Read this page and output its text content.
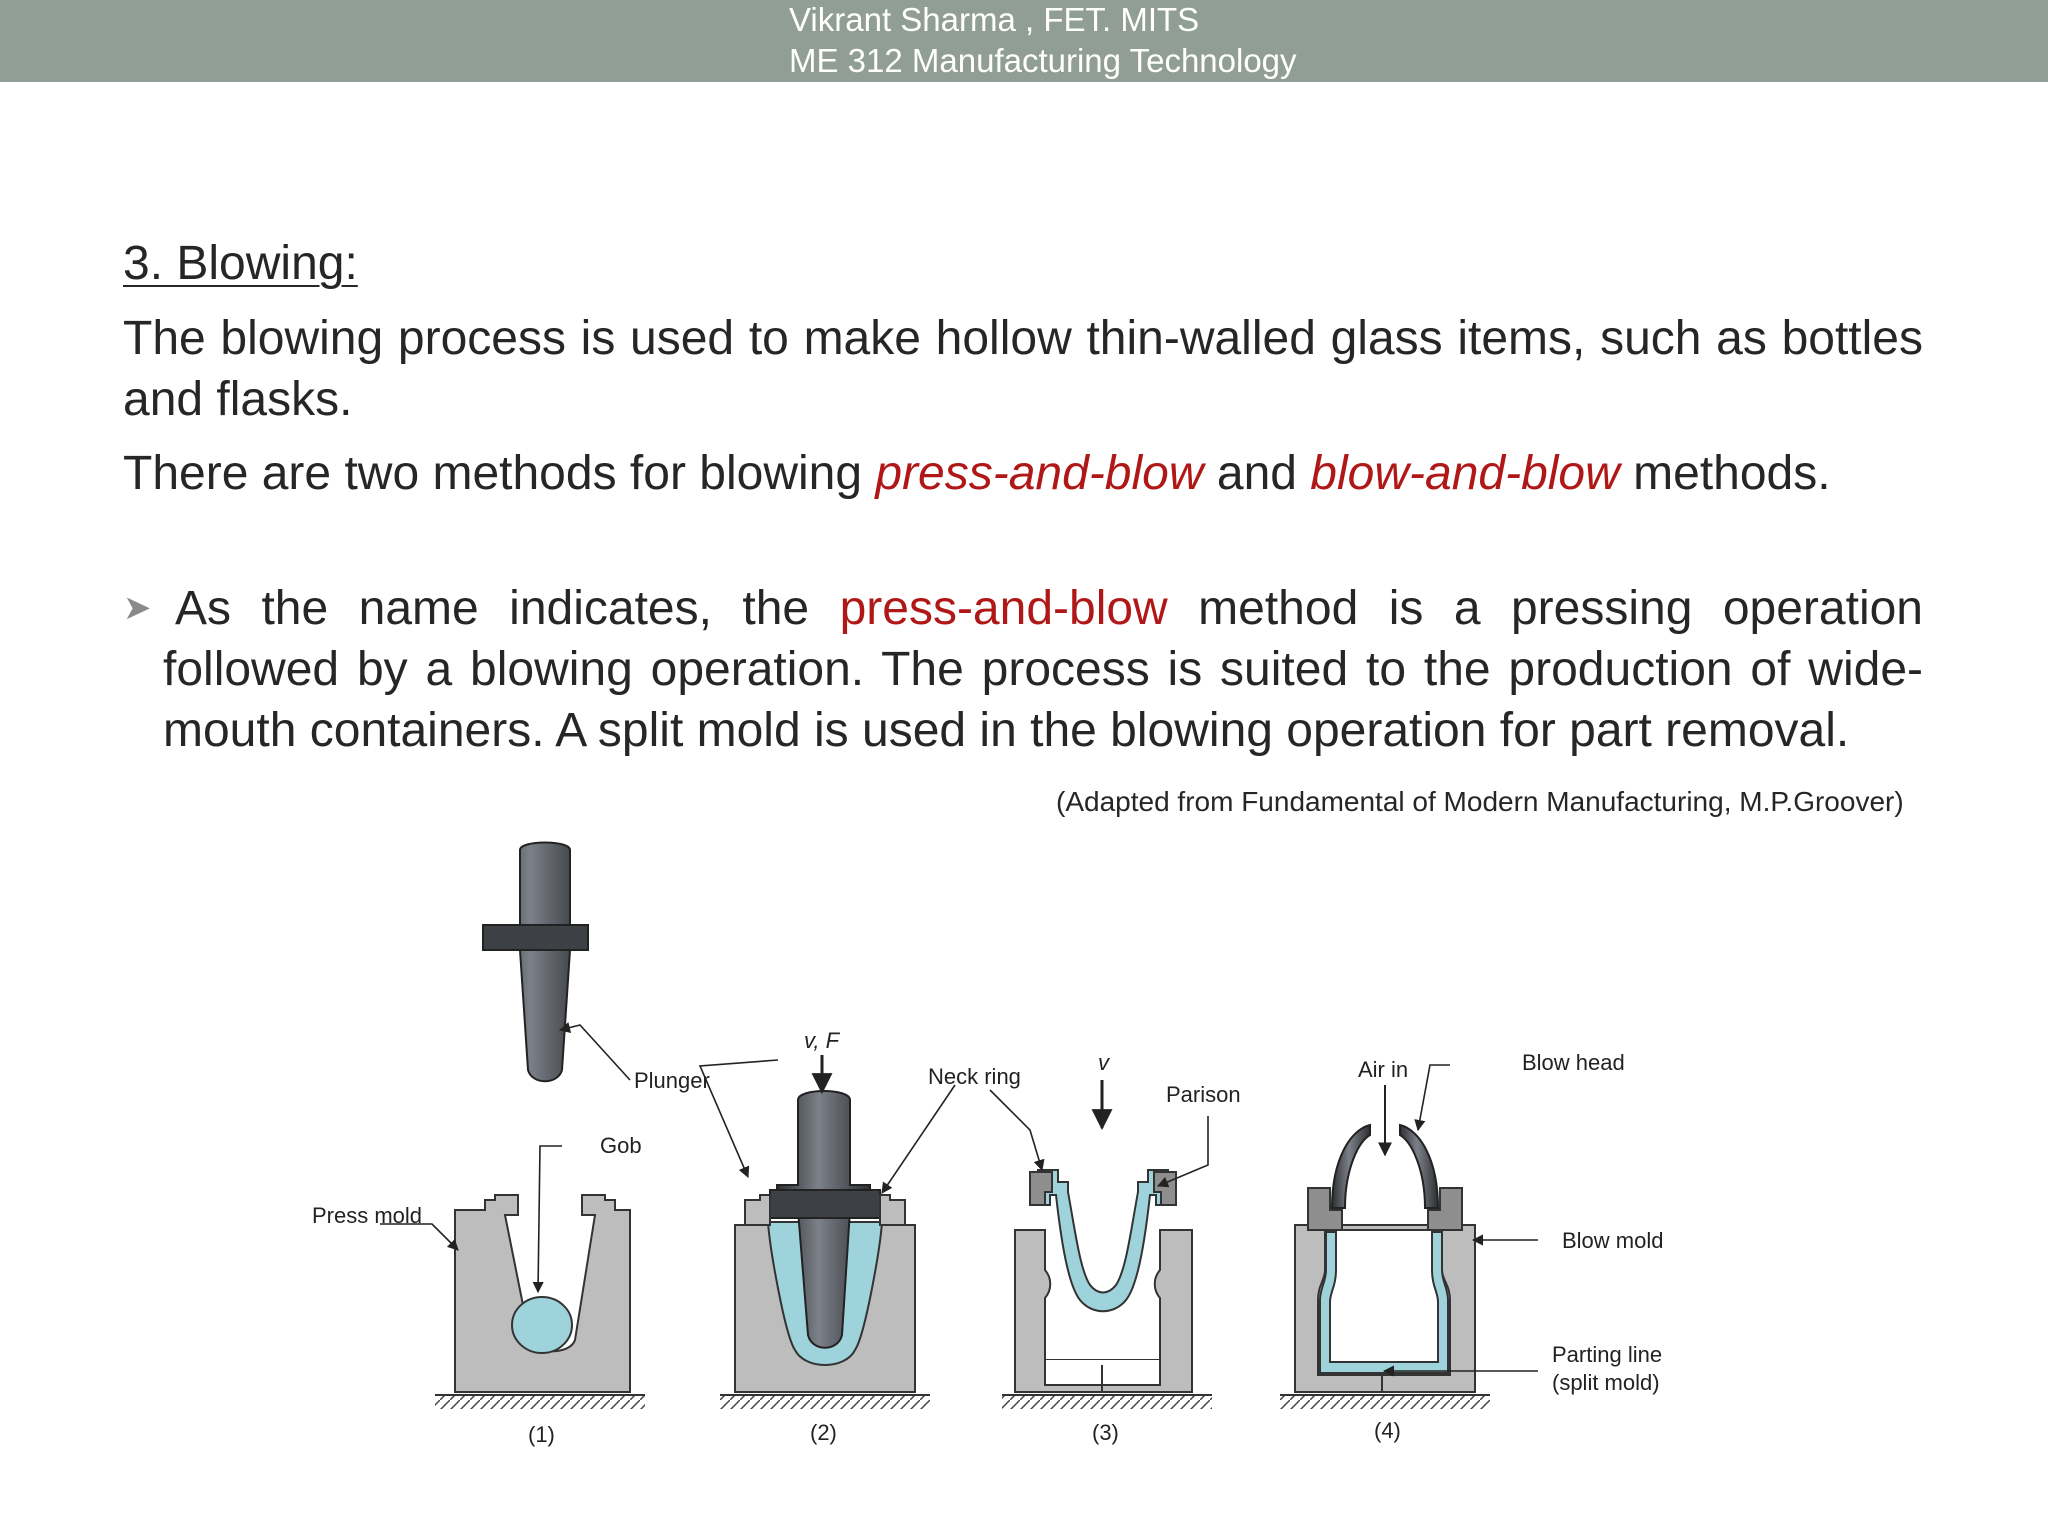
Vikrant Sharma , FET. MITS
ME 312 Manufacturing Technology
3. Blowing:
The blowing process is used to make hollow thin-walled glass items, such as bottles and flasks.
There are two methods for blowing press-and-blow and blow-and-blow methods.
➤ As the name indicates, the press-and-blow method is a pressing operation followed by a blowing operation. The process is suited to the production of wide-mouth containers. A split mold is used in the blowing operation for part removal.
(Adapted from Fundamental of Modern Manufacturing, M.P.Groover)
Plunger
Gob
Press mold
v, F
Neck ring
v
Parison
Air in	Blow head
Blow mold
Parting line
(split mold)
(1)	(2)	(3)	(4)
